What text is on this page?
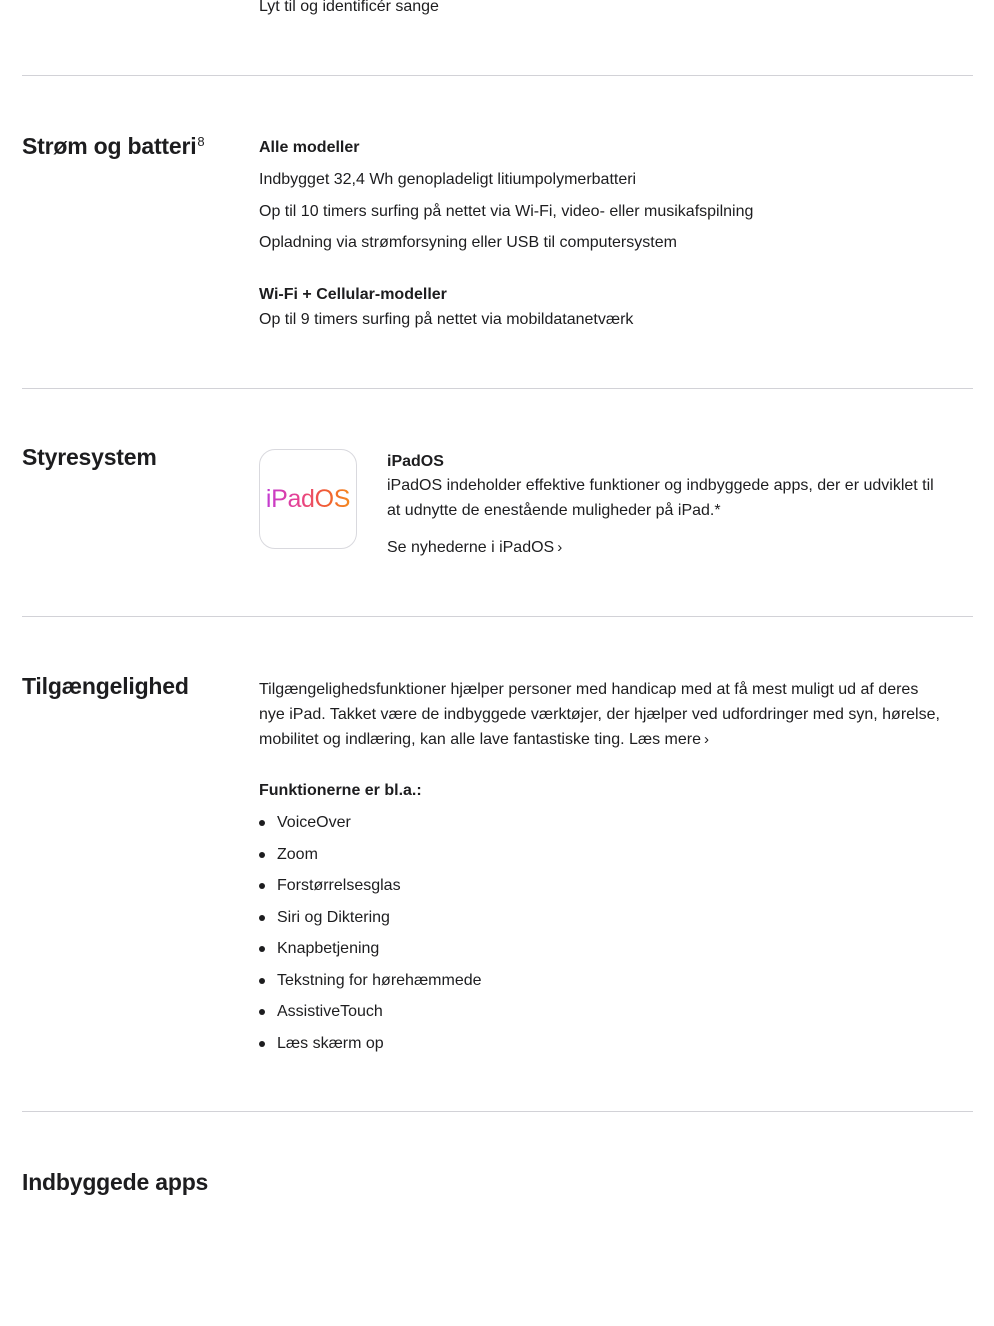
Lyt til og identificér sange
Strøm og batteri$^8$	Alle modeller
Indbygget 32,4 Wh genopladeligt litiumpolymerbatteri
Op til 10 timers surfing på nettet via Wi-Fi, video- eller musikafspilning
Opladning via strømforsyning eller USB til computersystem
Wi-Fi + Cellular-modeller
Op til 9 timers surfing på nettet via mobildatanetværk
Styresystem
iPadOS
iPadOS
iPadOS indeholder effektive funktioner og indbyggede apps, der er udviklet til
at udnytte de enestående muligheder på iPad.*
Se nyhederne i iPadOS ›
Tilgængelighed	Tilgængelighedsfunktioner hjælper personer med handicap med at få mest muligt ud af deres
nye iPad. Takket være de indbyggede værktøjer, der hjælper ved udfordringer med syn, hørelse,
mobilitet og indlæring, kan alle lave fantastiske ting. Læs mere ›
Funktionerne er bl.a.:
VoiceOver
Zoom
Forstørrelsesglas
Siri og Diktering
Knapbetjening
Tekstning for hørehæmmede
AssistiveTouch
Læs skærm op
Indbyggede apps
